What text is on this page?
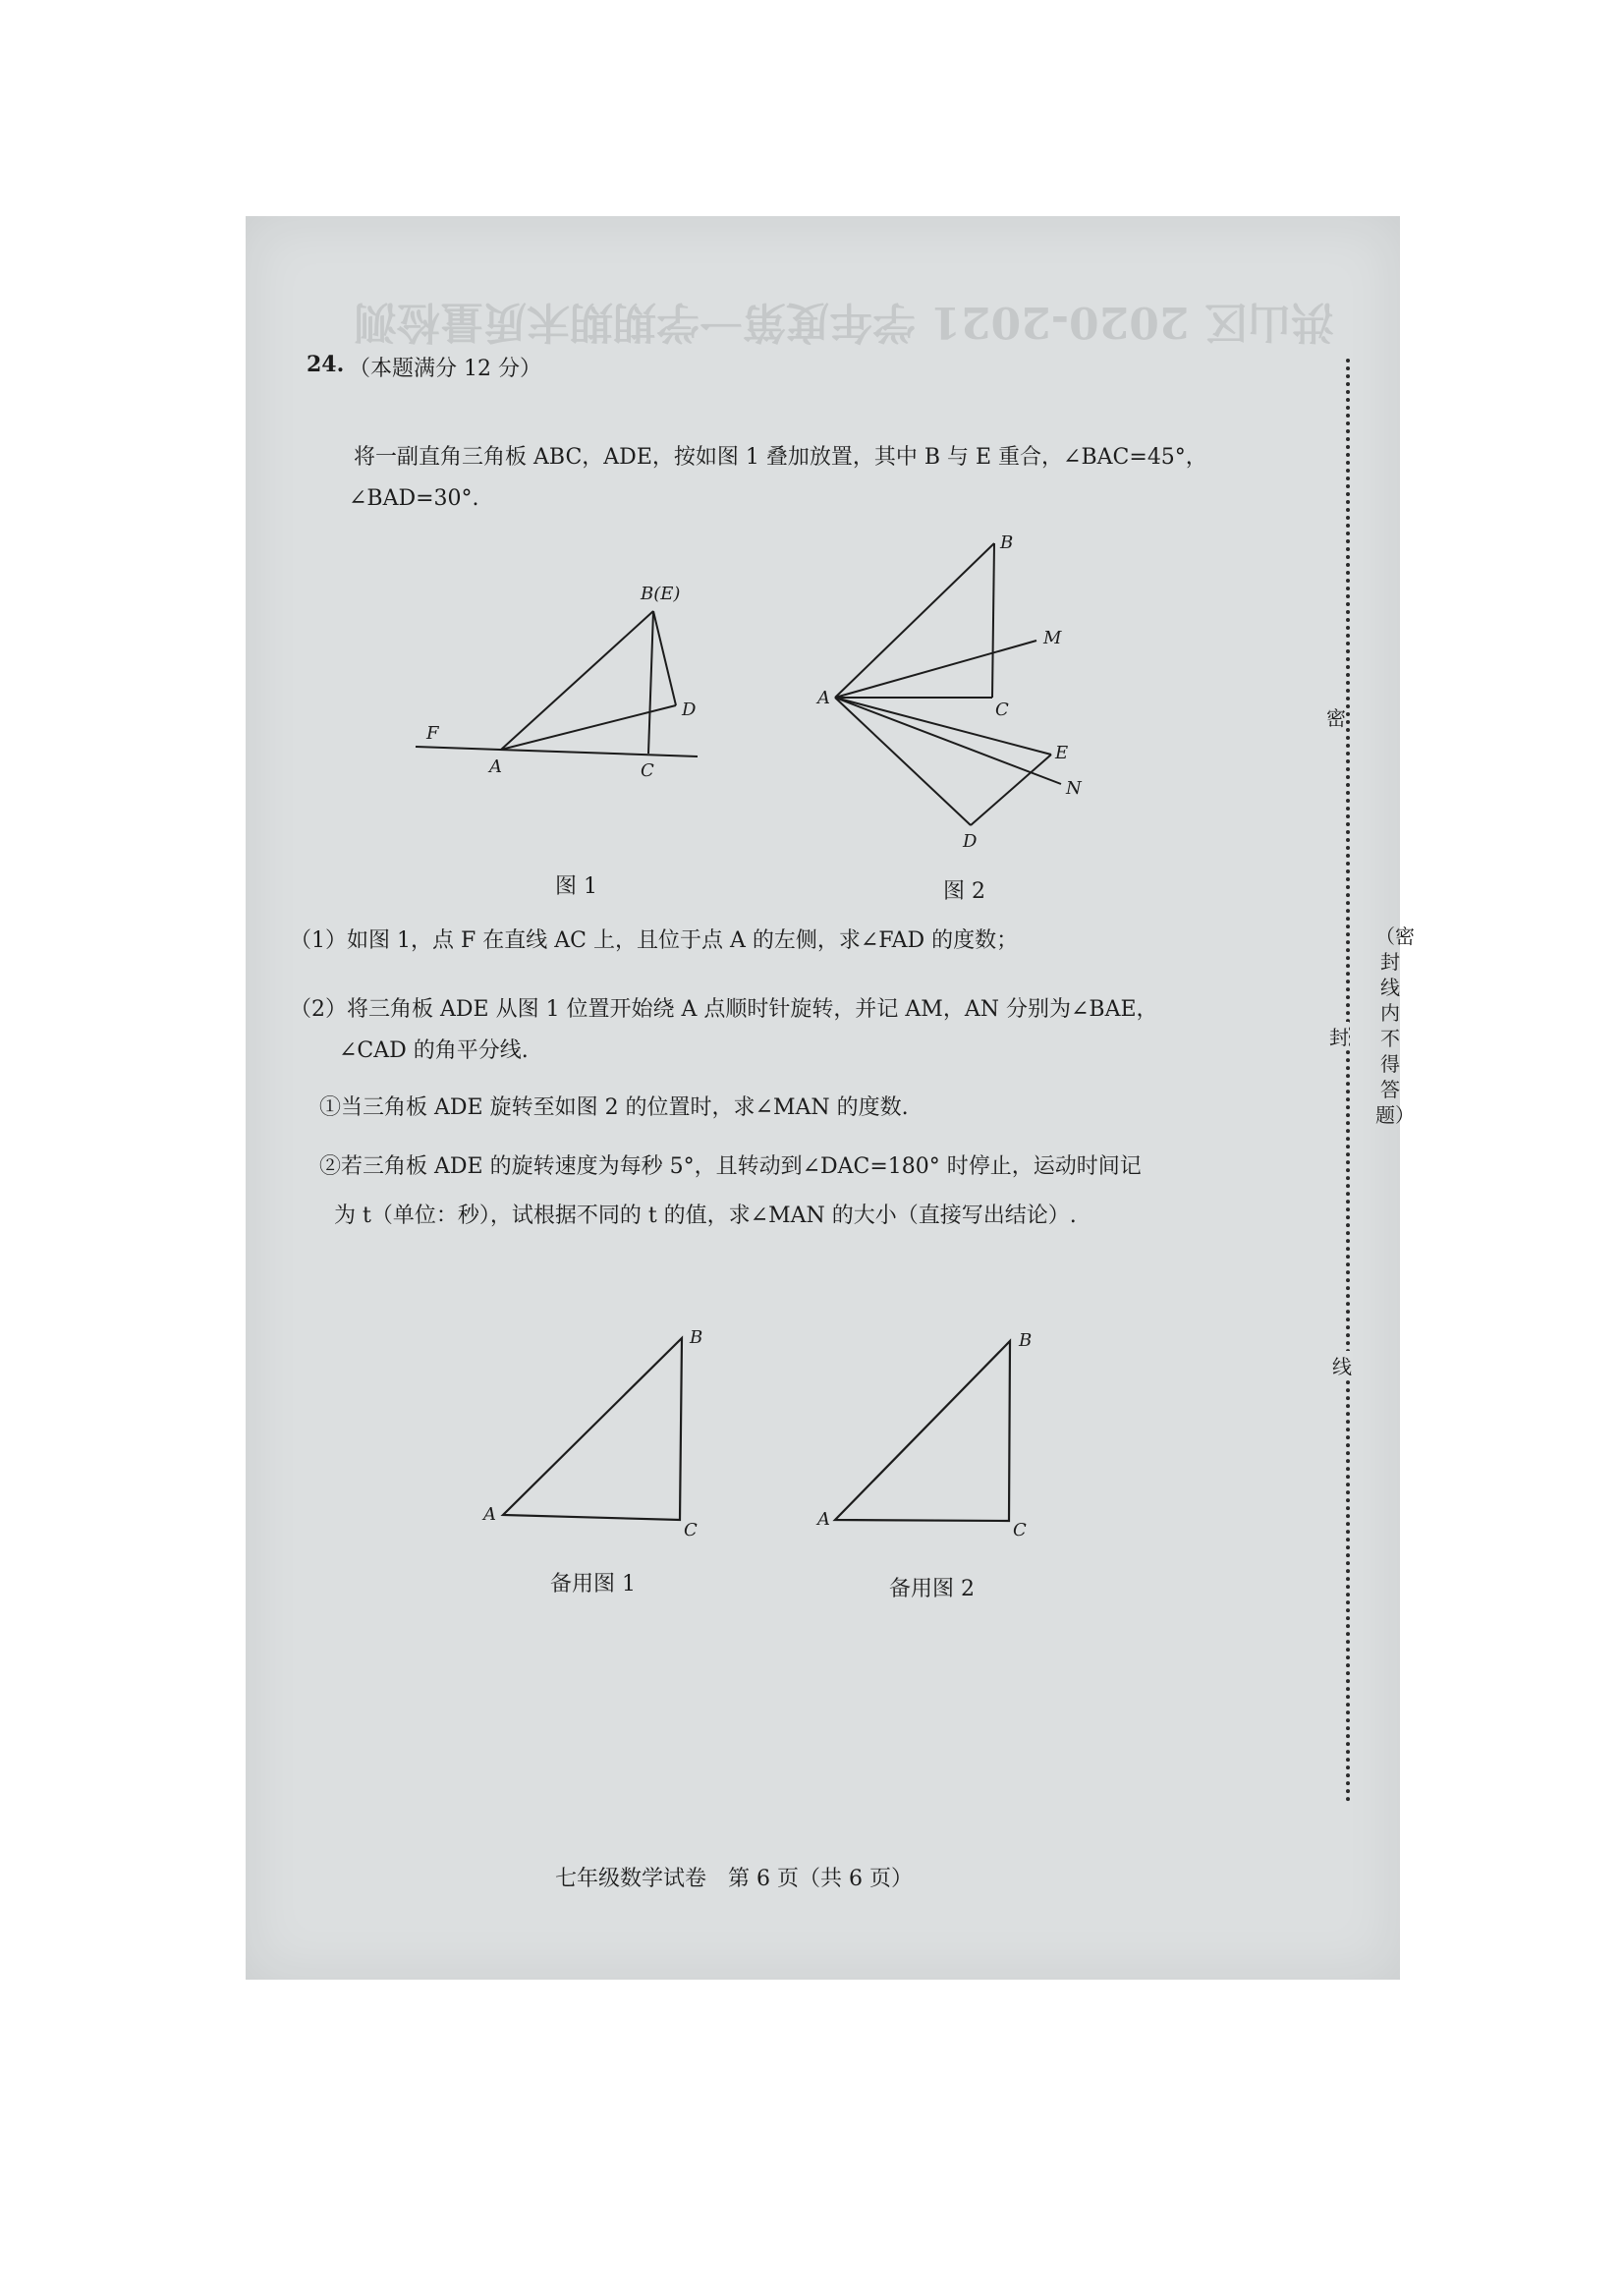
洪山区 2020-2021 学年度第一学期期末质量检测
24. （本题满分 12 分）
将一副直角三角板 ABC，ADE，按如图 1 叠加放置，其中 B 与 E 重合，∠BAC=45°，
∠BAD=30°.
B(E)
D
F
A	C
图 1
B
M
A
C
E
N
D
图 2
（1）如图 1，点 F 在直线 AC 上，且位于点 A 的左侧，求∠FAD 的度数；
（2）将三角板 ADE 从图 1 位置开始绕 A 点顺时针旋转，并记 AM，AN 分别为∠BAE，
∠CAD 的角平分线.
①当三角板 ADE 旋转至如图 2 的位置时，求∠MAN 的度数.
②若三角板 ADE 的旋转速度为每秒 5°，且转动到∠DAC=180° 时停止，运动时间记
为 t（单位：秒），试根据不同的 t 的值，求∠MAN 的大小（直接写出结论）.
B
A
C
备用图 1
B
A
C
备用图 2
七年级数学试卷　第 6 页（共 6 页）
密
封
线
（密封线内不得答题）
